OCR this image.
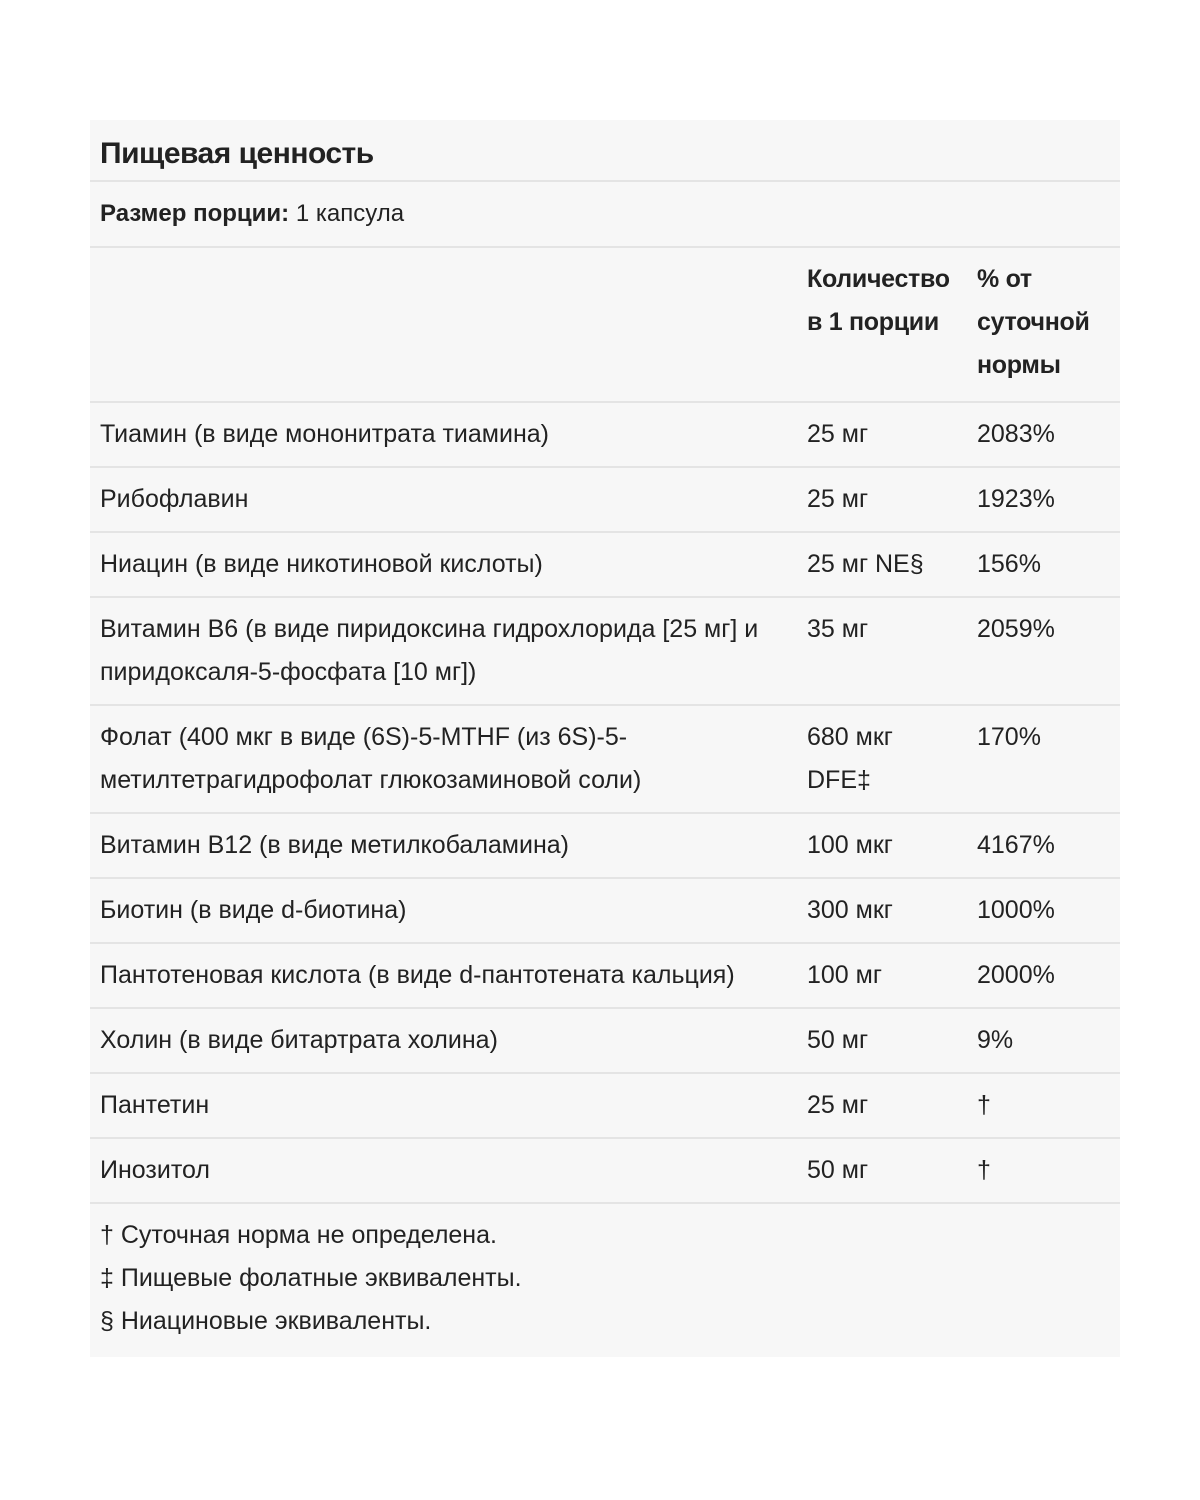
Пищевая ценность
Размер порции: 1 капсула
	Количество в 1 порции	% от суточной нормы
Тиамин (в виде мононитрата тиамина)	25 мг	2083%
Рибофлавин	25 мг	1923%
Ниацин (в виде никотиновой кислоты)	25 мг NE§	156%
Витамин B6 (в виде пиридоксина гидрохлорида [25 мг] и пиридоксаля-5-фосфата [10 мг])	35 мг	2059%
Фолат (400 мкг в виде (6S)-5-MTHF (из 6S)-5-метилтетрагидрофолат глюкозаминовой соли)	680 мкг DFE‡	170%
Витамин B12 (в виде метилкобаламина)	100 мкг	4167%
Биотин (в виде d-биотина)	300 мкг	1000%
Пантотеновая кислота (в виде d-пантотената кальция)	100 мг	2000%
Холин (в виде битартрата холина)	50 мг	9%
Пантетин	25 мг	†
Инозитол	50 мг	†
† Суточная норма не определена.
‡ Пищевые фолатные эквиваленты.
§ Ниациновые эквиваленты.
